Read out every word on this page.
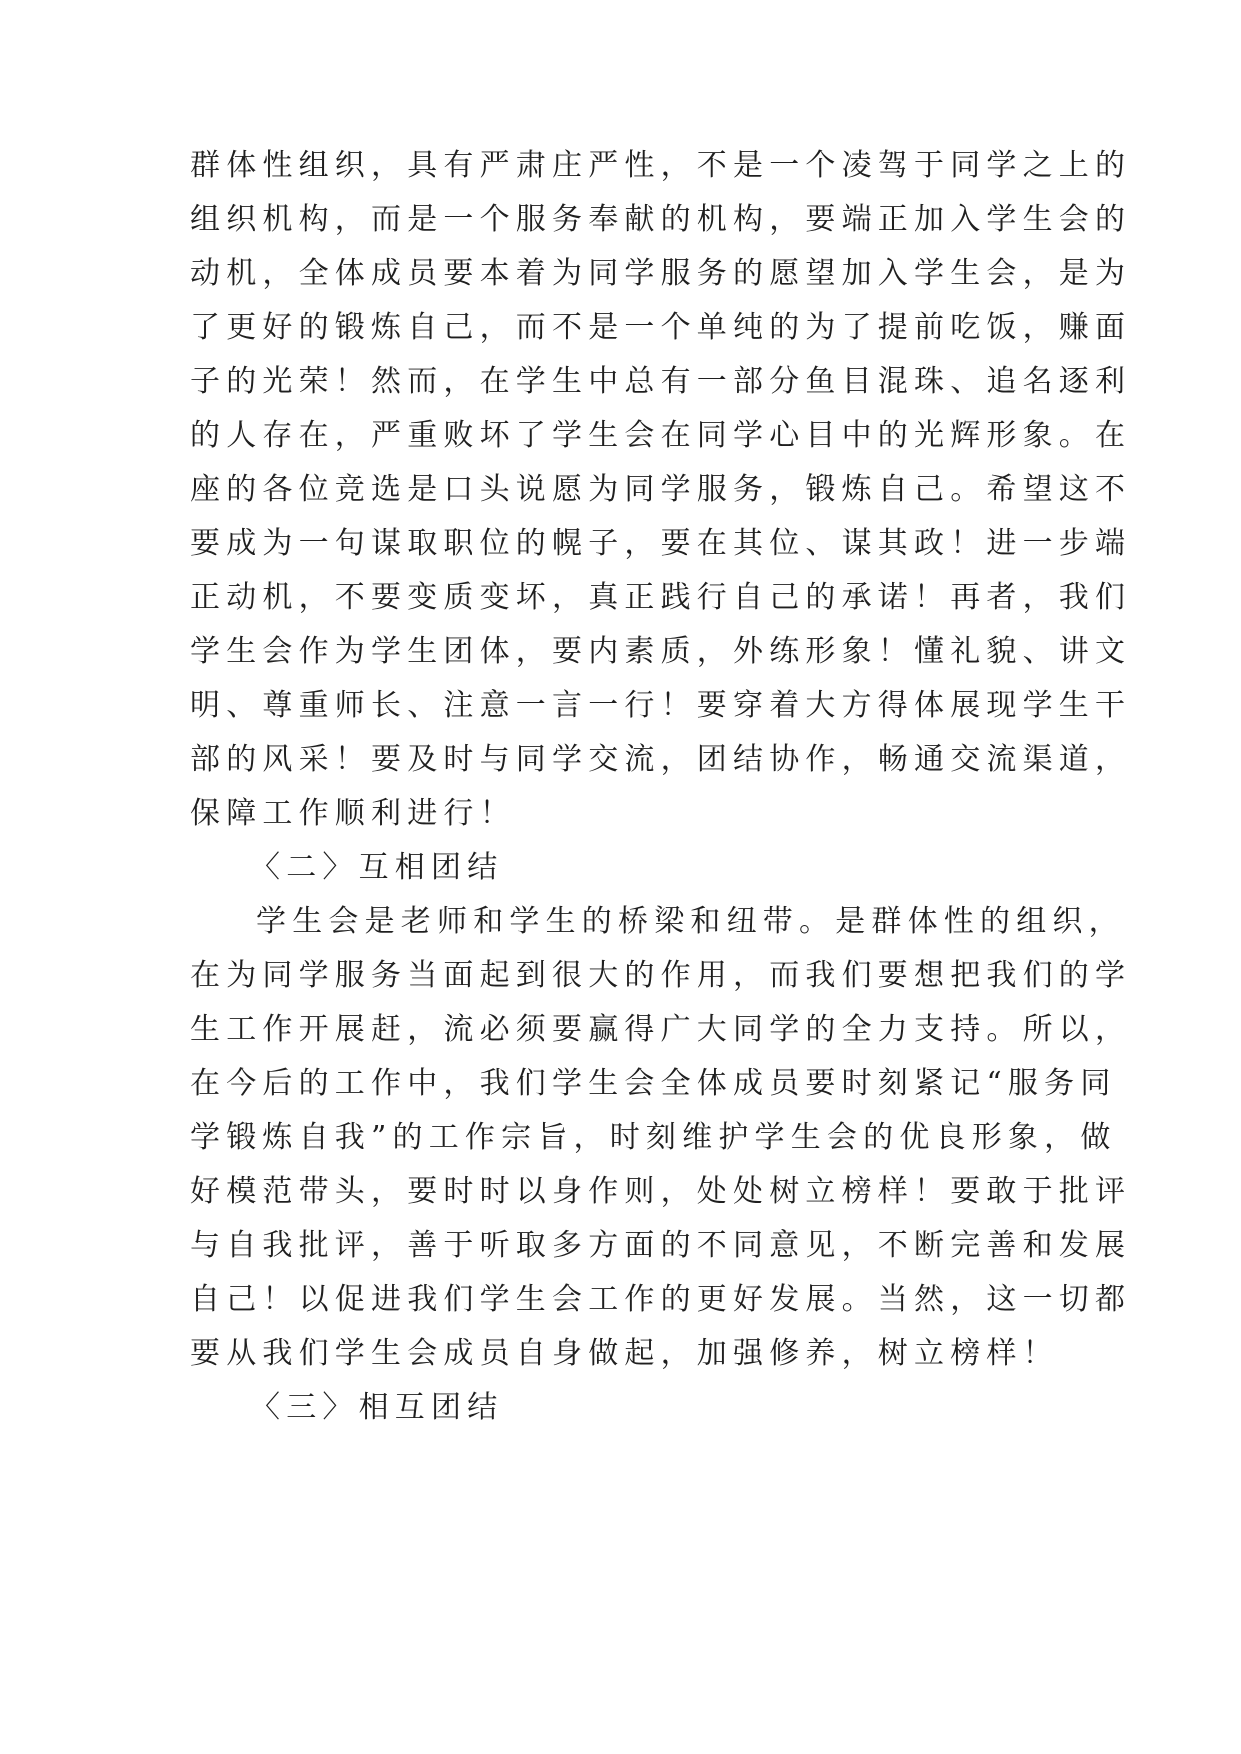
群体性组织，具有严肃庄严性，不是一个凌驾于同学之上的
组织机构，而是一个服务奉献的机构，要端正加入学生会的
动机，全体成员要本着为同学服务的愿望加入学生会，是为
了更好的锻炼自己，而不是一个单纯的为了提前吃饭，赚面
子的光荣！然而，在学生中总有一部分鱼目混珠、追名逐利
的人存在，严重败坏了学生会在同学心目中的光辉形象。在
座的各位竞选是口头说愿为同学服务，锻炼自己。希望这不
要成为一句谋取职位的幌子，要在其位、谋其政！进一步端
正动机，不要变质变坏，真正践行自己的承诺！再者，我们
学生会作为学生团体，要内素质，外练形象！懂礼貌、讲文
明、尊重师长、注意一言一行！要穿着大方得体展现学生干
部的风采！要及时与同学交流，团结协作，畅通交流渠道，
保障工作顺利进行！
〈二〉互相团结
学生会是老师和学生的桥梁和纽带。是群体性的组织，
在为同学服务当面起到很大的作用，而我们要想把我们的学
生工作开展赶，流必须要赢得广大同学的全力支持。所以，
在今后的工作中，我们学生会全体成员要时刻紧记“服务同
学锻炼自我”的工作宗旨，时刻维护学生会的优良形象，做
好模范带头，要时时以身作则，处处树立榜样！要敢于批评
与自我批评，善于听取多方面的不同意见，不断完善和发展
自己！以促进我们学生会工作的更好发展。当然，这一切都
要从我们学生会成员自身做起，加强修养，树立榜样！
〈三〉相互团结
